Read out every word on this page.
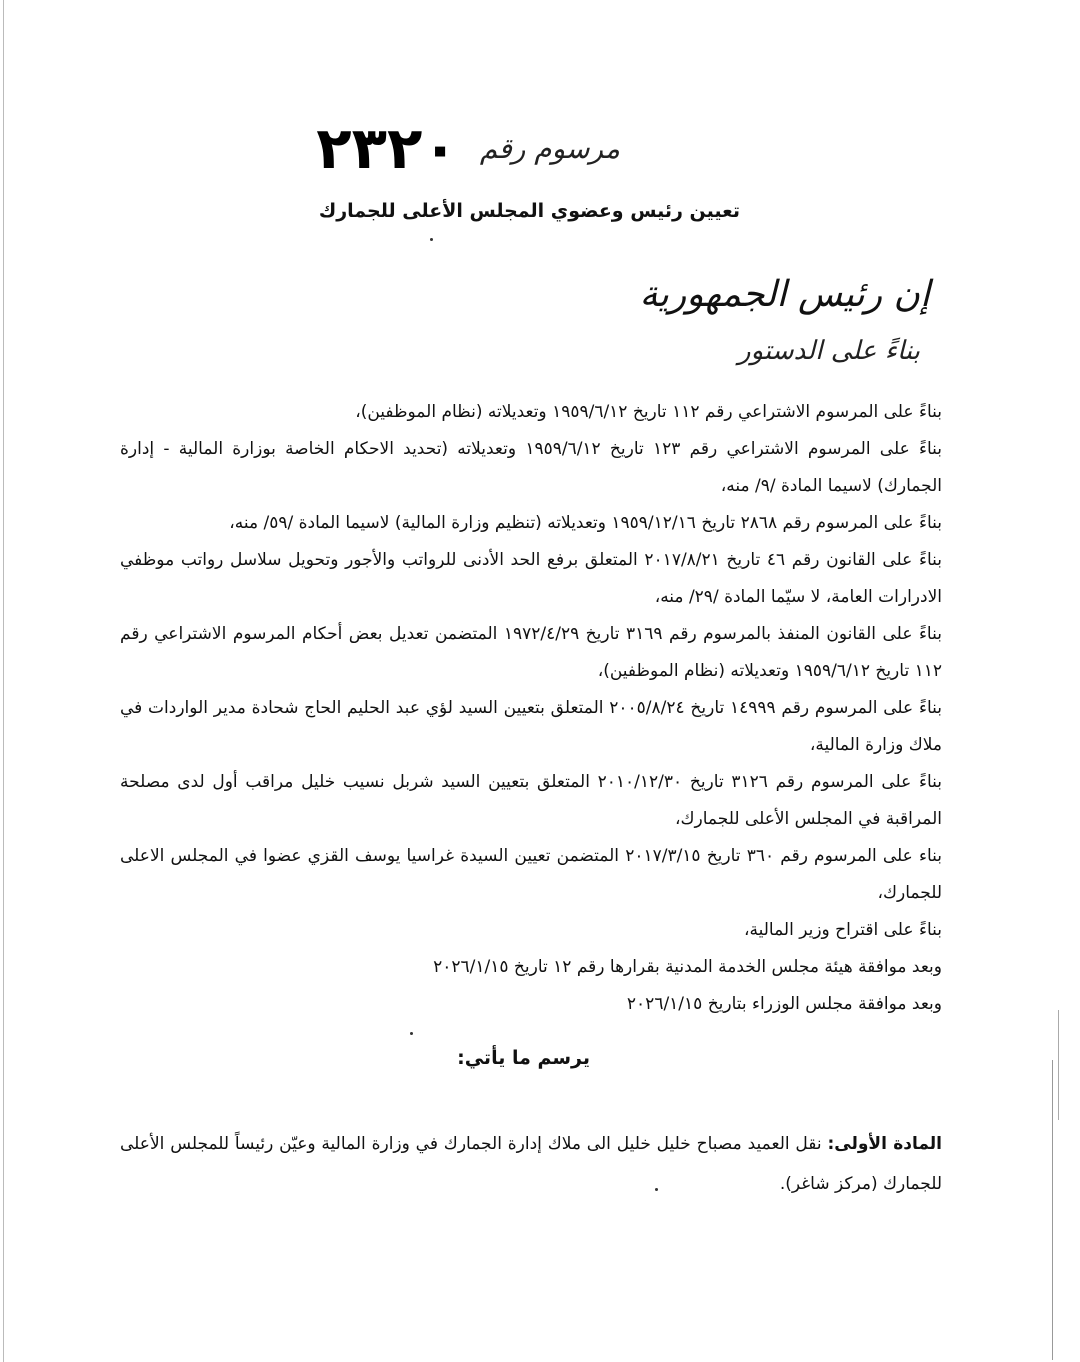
مرسوم رقم
٢٣٢٠
تعيين رئيس وعضوي المجلس الأعلى للجمارك
إن رئيس الجمهورية
بناءً على الدستور

بناءً على المرسوم الاشتراعي رقم ١١٢ تاريخ ١٩٥٩/٦/١٢ وتعديلاته (نظام الموظفين)،

بناءً على المرسوم الاشتراعي رقم ١٢٣ تاريخ ١٩٥٩/٦/١٢ وتعديلاته (تحديد الاحكام الخاصة بوزارة المالية - إدارة الجمارك) لاسيما المادة /٩/ منه،

بناءً على المرسوم رقم ٢٨٦٨ تاريخ ١٩٥٩/١٢/١٦ وتعديلاته (تنظيم وزارة المالية) لاسيما المادة /٥٩/ منه،

بناءً على القانون رقم ٤٦ تاريخ ٢٠١٧/٨/٢١ المتعلق برفع الحد الأدنى للرواتب والأجور وتحويل سلاسل رواتب موظفي الادرارات العامة، لا سيّما المادة /٢٩/ منه،

بناءً على القانون المنفذ بالمرسوم رقم ٣١٦٩ تاريخ ١٩٧٢/٤/٢٩ المتضمن تعديل بعض أحكام المرسوم الاشتراعي رقم ١١٢ تاريخ ١٩٥٩/٦/١٢ وتعديلاته (نظام الموظفين)،

بناءً على المرسوم رقم ١٤٩٩٩ تاريخ ٢٠٠٥/٨/٢٤ المتعلق بتعيين السيد لؤي عبد الحليم الحاج شحادة مدير الواردات في ملاك وزارة المالية،

بناءً على المرسوم رقم ٣١٢٦ تاريخ ٢٠١٠/١٢/٣٠ المتعلق بتعيين السيد شربل نسيب خليل مراقب أول لدى مصلحة المراقبة في المجلس الأعلى للجمارك،

بناء على المرسوم رقم ٣٦٠ تاريخ ٢٠١٧/٣/١٥ المتضمن تعيين السيدة غراسيا يوسف القزي عضوا في المجلس الاعلى للجمارك،

بناءً على اقتراح وزير المالية،

وبعد موافقة هيئة مجلس الخدمة المدنية بقرارها رقم ١٢ تاريخ ٢٠٢٦/١/١٥

وبعد موافقة مجلس الوزراء بتاريخ ٢٠٢٦/١/١٥

يرسم ما يأتي:
المادة الأولى: نقل العميد مصباح خليل خليل الى ملاك إدارة الجمارك في وزارة المالية وعيّن رئيساً للمجلس الأعلى للجمارك (مركز شاغر).
